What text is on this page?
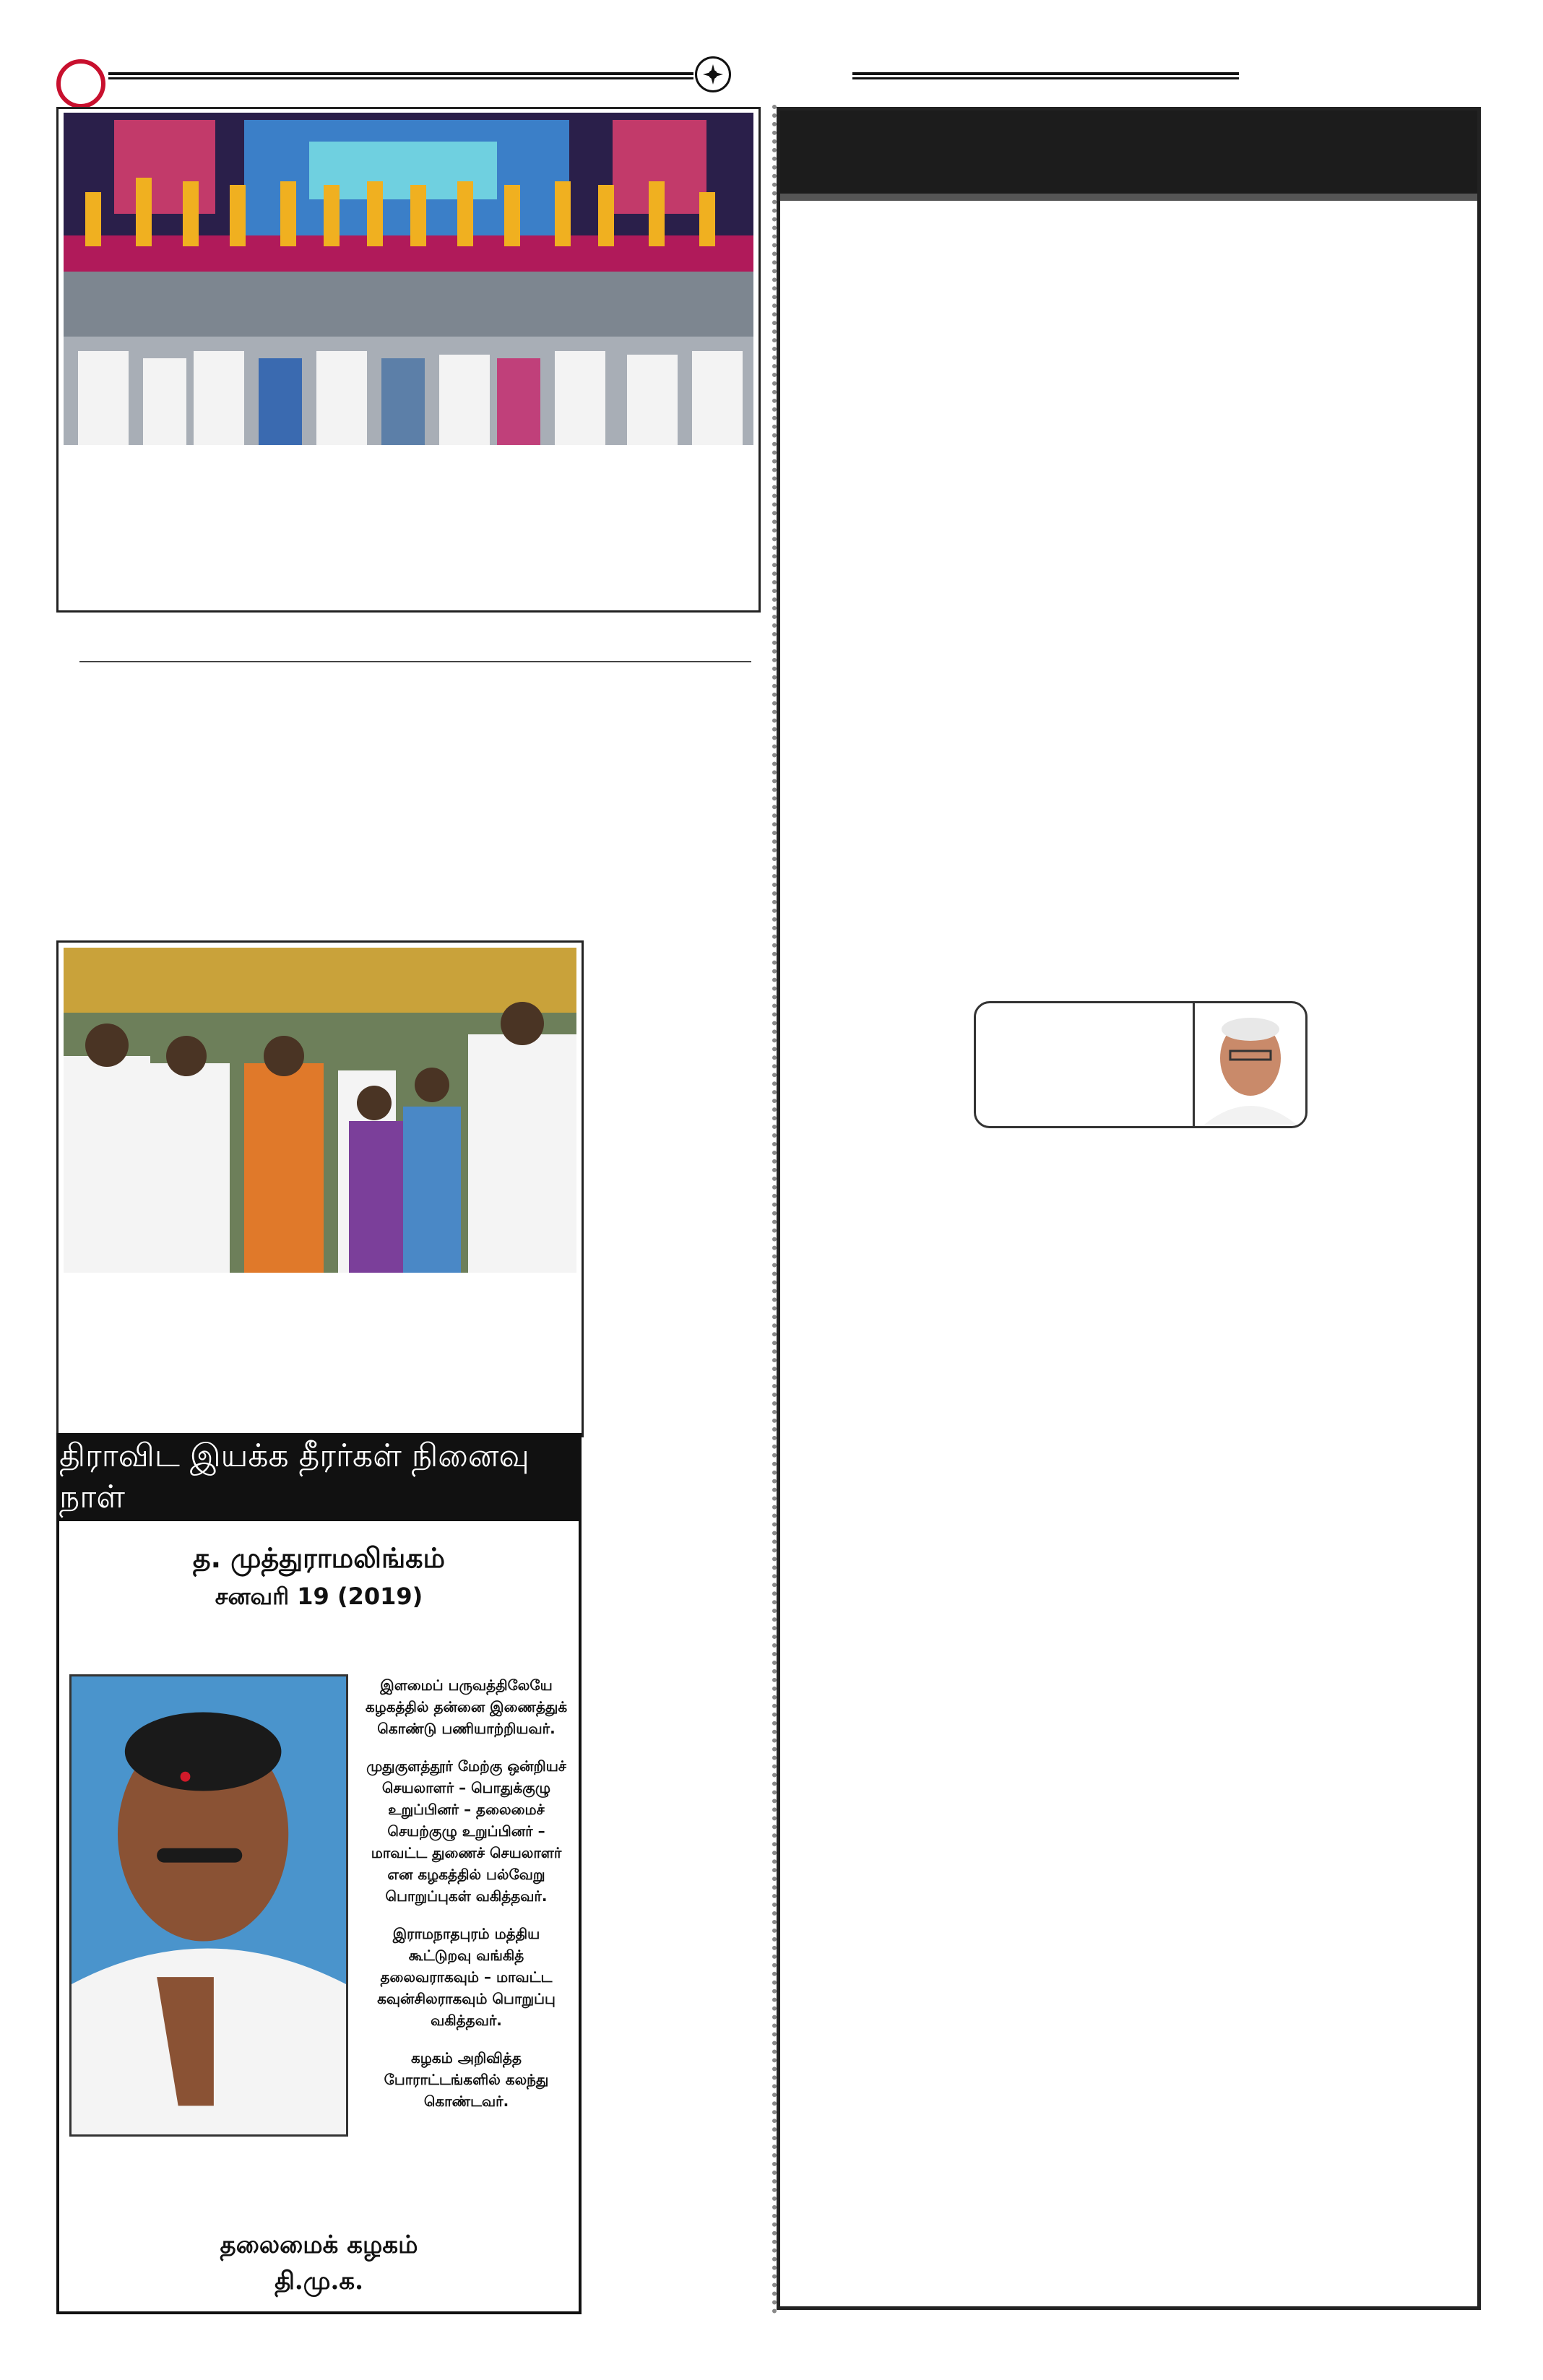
திராவிட இயக்க தீரர்கள் நினைவு நாள்
த. முத்துராமலிங்கம்
சனவரி 19 (2019)

இளமைப் பருவத்திலேயே கழகத்தில் தன்னை இணைத்துக் கொண்டு பணியாற்றியவர்.

முதுகுளத்தூர் மேற்கு ஒன்றியச் செயலாளர் – பொதுக்குழு உறுப்பினர் – தலைமைச் செயற்குழு உறுப்பினர் – மாவட்ட துணைச் செயலாளர் என கழகத்தில் பல்வேறு பொறுப்புகள் வகித்தவர்.

இராமநாதபுரம் மத்திய கூட்டுறவு வங்கித் தலைவராகவும் – மாவட்ட கவுன்சிலராகவும் பொறுப்பு வகித்தவர்.

கழகம் அறிவித்த போராட்டங்களில் கலந்து கொண்டவர்.

தலைமைக் கழகம்
தி.மு.க.
